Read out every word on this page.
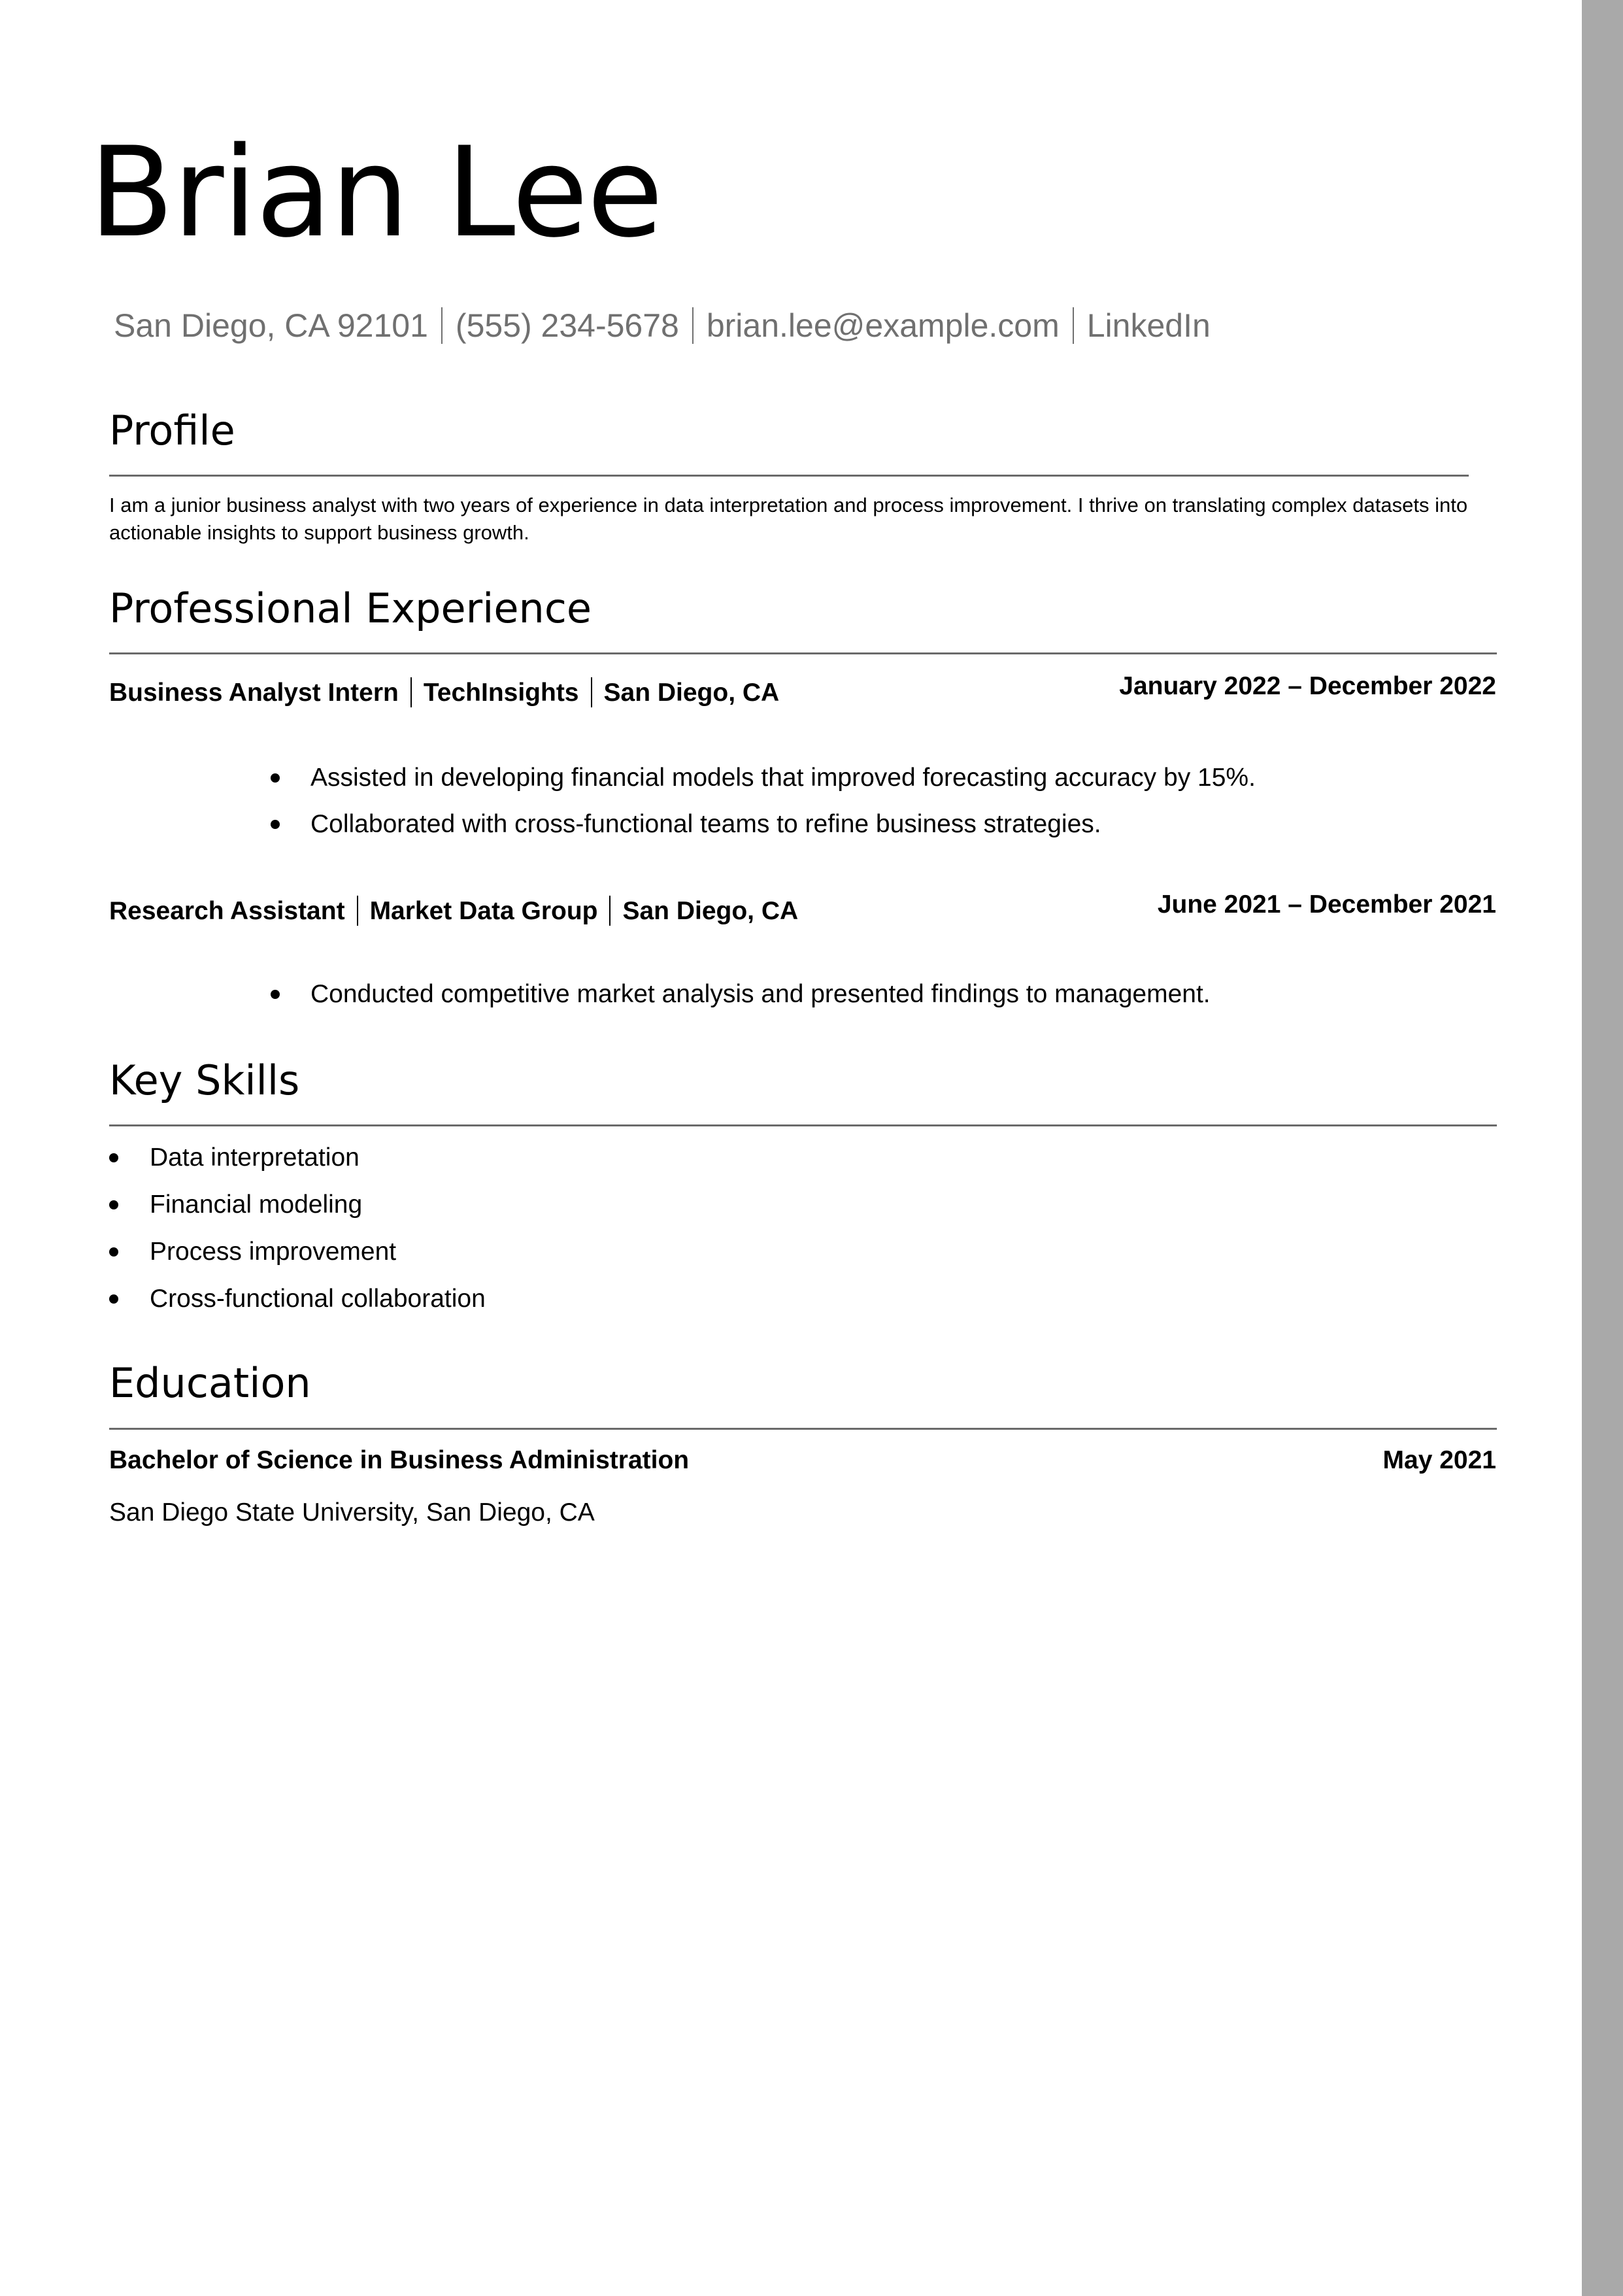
Brian Lee
San Diego, CA 92101 (555) 234-5678 brian.lee@example.com LinkedIn
Profile
I am a junior business analyst with two years of experience in data interpretation and process improvement. I thrive on translating complex datasets into actionable insights to support business growth.
Professional Experience
Business Analyst Intern TechInsights San Diego, CA	January 2022 – December 2022
Assisted in developing financial models that improved forecasting accuracy by 15%.
Collaborated with cross-functional teams to refine business strategies.
Research Assistant Market Data Group San Diego, CA	June 2021 – December 2021
Conducted competitive market analysis and presented findings to management.
Key Skills
Data interpretation
Financial modeling
Process improvement
Cross-functional collaboration
Education
Bachelor of Science in Business Administration	May 2021
San Diego State University, San Diego, CA
